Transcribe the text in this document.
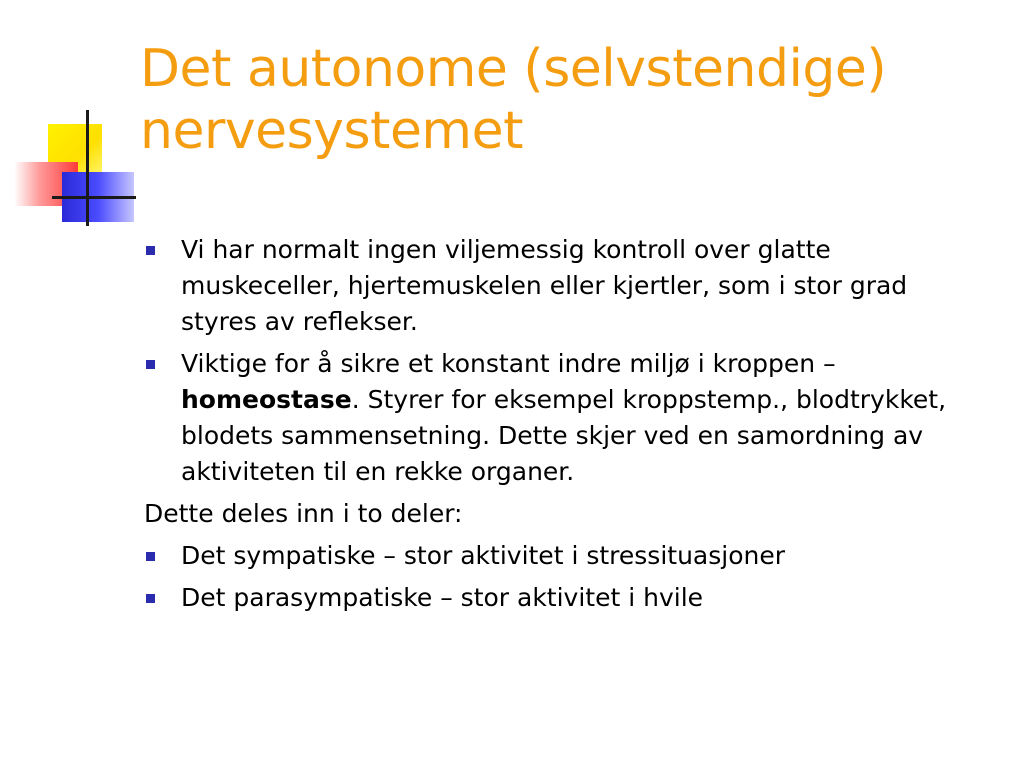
Det autonome (selvstendige)
nervesystemet
Vi har normalt ingen viljemessig kontroll over glatte muskeceller, hjertemuskelen eller kjertler, som i stor grad styres av reflekser.
Viktige for å sikre et konstant indre miljø i kroppen – homeostase. Styrer for eksempel kroppstemp., blodtrykket, blodets sammensetning. Dette skjer ved en samordning av aktiviteten til en rekke organer.
Dette deles inn i to deler:
Det sympatiske – stor aktivitet i stressituasjoner
Det parasympatiske – stor aktivitet i hvile
